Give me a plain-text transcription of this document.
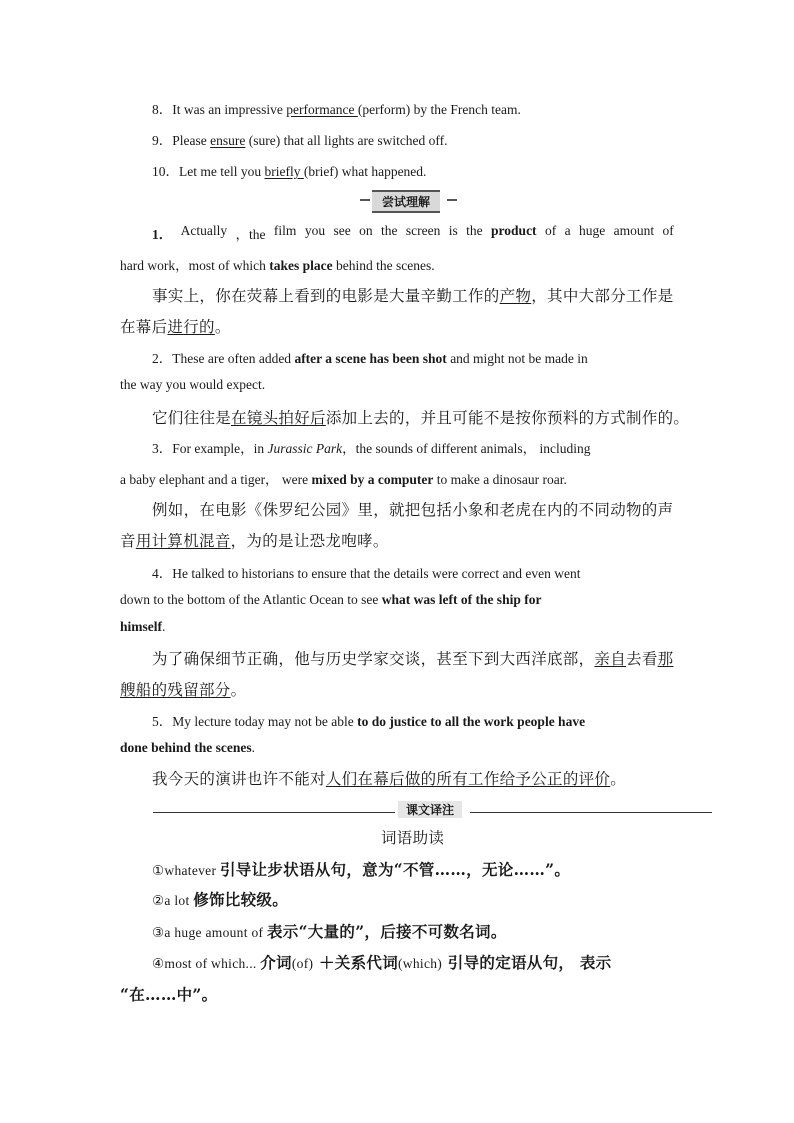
8．It was an impressive performance (perform) by the French team.
9．Please ensure (sure) that all lights are switched off.
10．Let me tell you briefly (brief) what happened.
尝试理解
1． Actually ，the film you see on the screen is the product of a huge amount of
hard work，most of which takes place behind the scenes.
事实上，你在荧幕上看到的电影是大量辛勤工作的产物，其中大部分工作是
在幕后进行的。
2．These are often added after a scene has been shot and might not be made in
the way you would expect.
它们往往是在镜头拍好后添加上去的，并且可能不是按你预料的方式制作的。
3．For example，in Jurassic Park，the sounds of different animals， including
a baby elephant and a tiger， were mixed by a computer to make a dinosaur roar.
例如，在电影《侏罗纪公园》里，就把包括小象和老虎在内的不同动物的声
音用计算机混音，为的是让恐龙咆哮。
4．He talked to historians to ensure that the details were correct and even went
down to the bottom of the Atlantic Ocean to see what was left of the ship for
himself.
为了确保细节正确，他与历史学家交谈，甚至下到大西洋底部，亲自去看那
艘船的残留部分。
5．My lecture today may not be able to do justice to all the work people have
done behind the scenes.
我今天的演讲也许不能对人们在幕后做的所有工作给予公正的评价。
课文译注
词语助读
①whatever 引导让步状语从句，意为“不管……，无论……”。
②a lot 修饰比较级。
③a huge amount of 表示“大量的”，后接不可数名词。
④most of which... 介词(of) ＋关系代词(which) 引导的定语从句， 表示
“在……中”。
